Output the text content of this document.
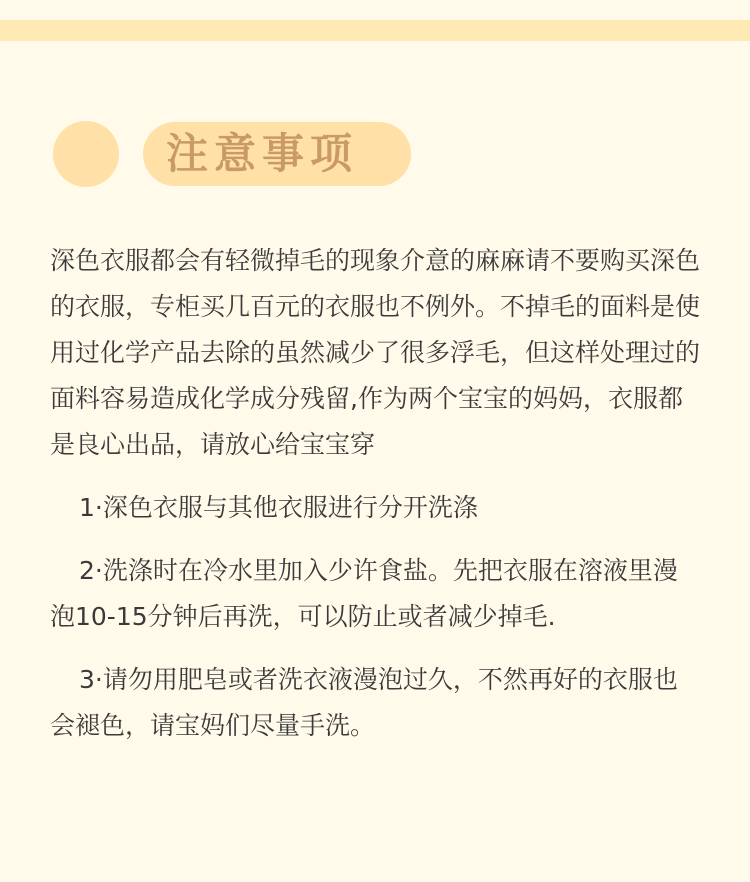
注意事项

深色衣服都会有轻微掉毛的现象介意的麻麻请不要购买深色的衣服，专柜买几百元的衣服也不例外。不掉毛的面料是使用过化学产品去除的虽然减少了很多浮毛，但这样处理过的面料容易造成化学成分残留,作为两个宝宝的妈妈，衣服都是良心出品，请放心给宝宝穿

1·深色衣服与其他衣服进行分开洗涤

2·洗涤时在冷水里加入少许食盐。先把衣服在溶液里漫泡10-15分钟后再洗，可以防止或者减少掉毛.

3·请勿用肥皂或者洗衣液漫泡过久，不然再好的衣服也会褪色，请宝妈们尽量手洗。
